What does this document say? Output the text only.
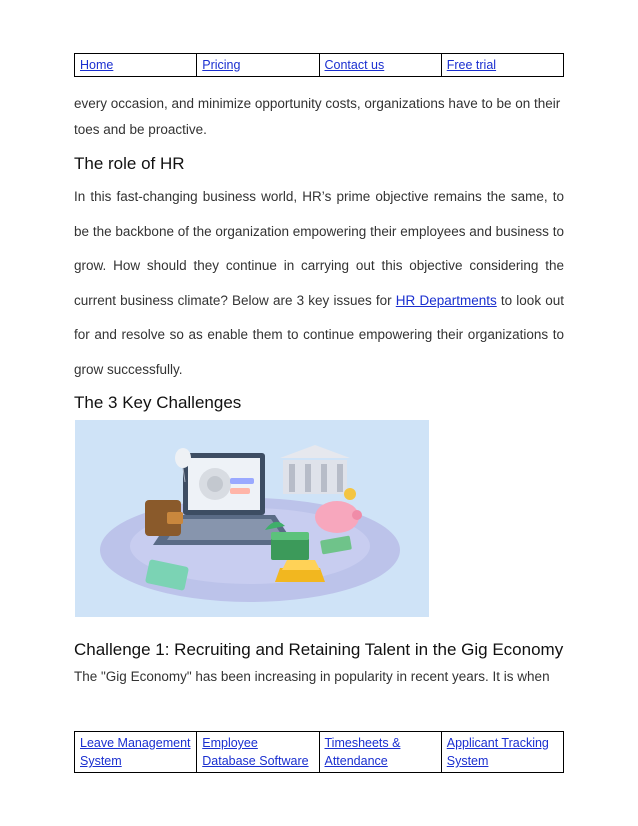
Home	Pricing	Contact us	Free trial

every occasion, and minimize opportunity costs, organizations have to be on their toes and be proactive.

The role of HR

In this fast-changing business world, HR’s prime objective remains the same, to be the backbone of the organization empowering their employees and business to grow. How should they continue in carrying out this objective considering the current business climate? Below are 3 key issues for HR Departments to look out for and resolve so as enable them to continue empowering their organizations to grow successfully.

The 3 Key Challenges
Challenge 1: Recruiting and Retaining Talent in the Gig Economy

The "Gig Economy" has been increasing in popularity in recent years. It is when

Leave Management System	Employee Database Software	Timesheets & Attendance	Applicant Tracking System
